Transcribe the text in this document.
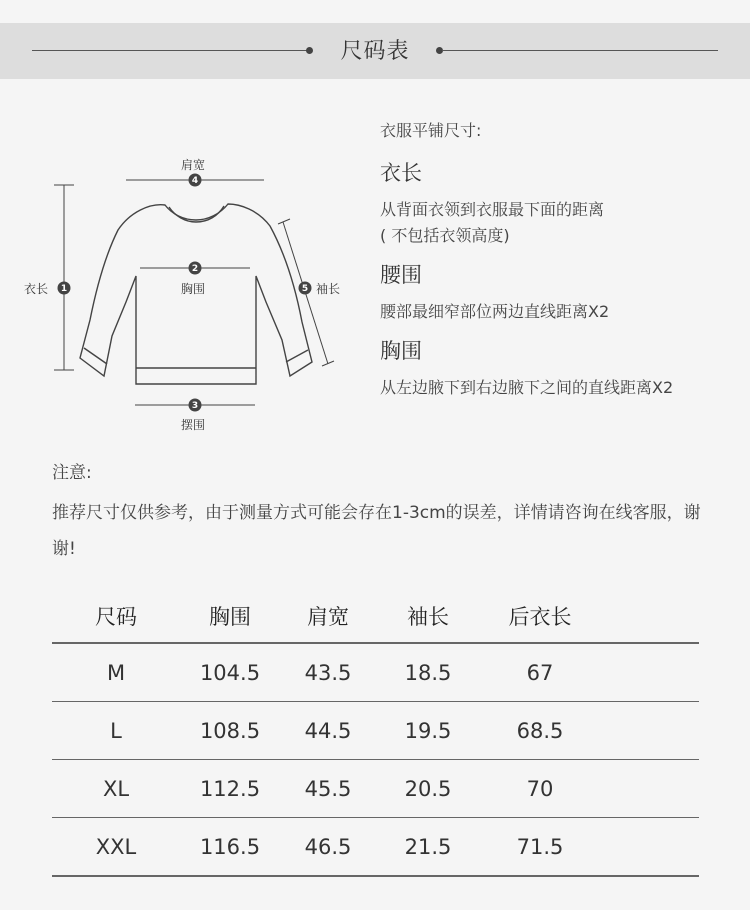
尺码表
4
2
3
1	5
肩宽
胸围
摆围
衣长	袖长
衣服平铺尺寸:
衣长
从背面衣领到衣服最下面的距离
( 不包括衣领高度)
腰围
腰部最细窄部位两边直线距离X2
胸围
从左边腋下到右边腋下之间的直线距离X2
注意:
推荐尺寸仅供参考，由于测量方式可能会存在1-3cm的误差，详情请咨询在线客服，谢谢!
尺码	胸围	肩宽	袖长	后衣长	
M	104.5	43.5	18.5	67	
L	108.5	44.5	19.5	68.5	
XL	112.5	45.5	20.5	70	
XXL	116.5	46.5	21.5	71.5	
